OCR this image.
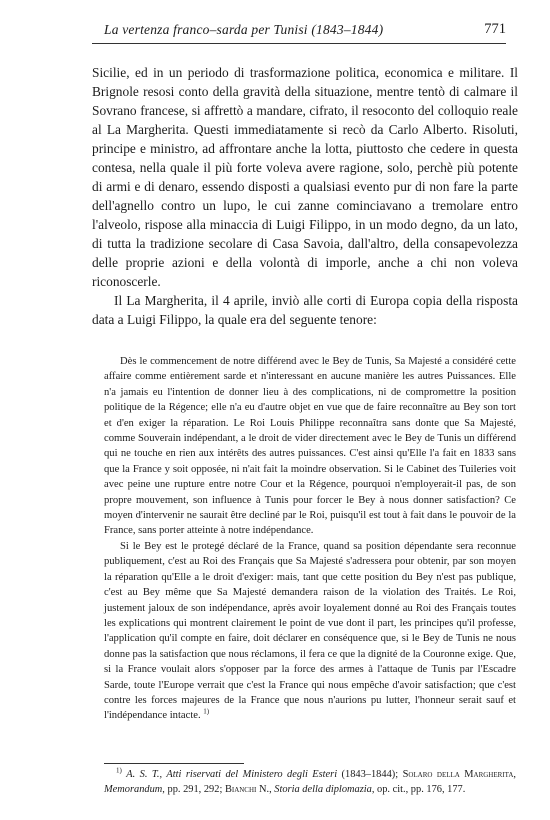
La vertenza franco–sarda per Tunisi (1843–1844)	771

Sicilie, ed in un periodo di trasformazione politica, economica e militare. Il Brignole resosi conto della gravità della situazione, mentre tentò di calmare il Sovrano francese, si affrettò a mandare, cifrato, il resoconto del colloquio reale al La Margherita. Questi immediatamente si recò da Carlo Alberto. Risoluti, principe e ministro, ad affrontare anche la lotta, piuttosto che cedere in questa contesa, nella quale il più forte voleva avere ragione, solo, perchè più potente di armi e di denaro, essendo disposti a qualsiasi evento pur di non fare la parte dell'agnello contro un lupo, le cui zanne cominciavano a tremolare entro l'alveolo, rispose alla minaccia di Luigi Filippo, in un modo degno, da un lato, di tutta la tradizione secolare di Casa Savoia, dall'altro, della consapevolezza delle proprie azioni e della volontà di imporle, anche a chi non voleva riconoscerle.

Il La Margherita, il 4 aprile, inviò alle corti di Europa copia della risposta data a Luigi Filippo, la quale era del seguente tenore:

Dès le commencement de notre différend avec le Bey de Tunis, Sa Majesté a considéré cette affaire comme entièrement sarde et n'interessant en aucune manière les autres Puissances. Elle n'a jamais eu l'intention de donner lieu à des complications, ni de compromettre la position politique de la Régence; elle n'a eu d'autre objet en vue que de faire reconnaître au Bey son tort et d'en exiger la réparation. Le Roi Louis Philippe reconnaîtra sans donte que Sa Majesté, comme Souverain indépendant, a le droit de vider directement avec le Bey de Tunis un différend qui ne touche en rien aux intérêts des autres puissances. C'est ainsi qu'Elle l'a fait en 1833 sans que la France y soit opposée, ni n'ait fait la moindre observation. Si le Cabinet des Tuileries voit avec peine une rupture entre notre Cour et la Régence, pourquoi n'employerait-il pas, de son propre mouvement, son influence à Tunis pour forcer le Bey à nous donner satisfaction? Ce moyen d'intervenir ne saurait être decliné par le Roi, puisqu'il est tout à fait dans le pouvoir de la France, sans porter atteinte à notre indépendance.

Si le Bey est le protegé déclaré de la France, quand sa position dépendante sera reconnue publiquement, c'est au Roi des Français que Sa Majesté s'adressera pour obtenir, par son moyen la réparation qu'Elle a le droit d'exiger: mais, tant que cette position du Bey n'est pas publique, c'est au Bey même que Sa Majesté demandera raison de la violation des Traités. Le Roi, justement jaloux de son indépendance, après avoir loyalement donné au Roi des Français toutes les explications qui montrent clairement le point de vue dont il part, les principes qu'il professe, l'application qu'il compte en faire, doit déclarer en conséquence que, si le Bey de Tunis ne nous donne pas la satisfaction que nous réclamons, il fera ce que la dignité de la Couronne exige. Que, si la France voulait alors s'opposer par la force des armes à l'attaque de Tunis par l'Escadre Sarde, toute l'Europe verrait que c'est la France qui nous empêche d'avoir satisfaction; que c'est contre les forces majeures de la France que nous n'aurions pu lutter, l'honneur serait sauf et l'indépendance intacte. $^{1)}$

$^{1)}$ A. S. T., Atti riservati del Ministero degli Esteri (1843–1844); Solaro della Margherita, Memorandum, pp. 291, 292; Bianchi N., Storia della diplomazia, op. cit., pp. 176, 177.
